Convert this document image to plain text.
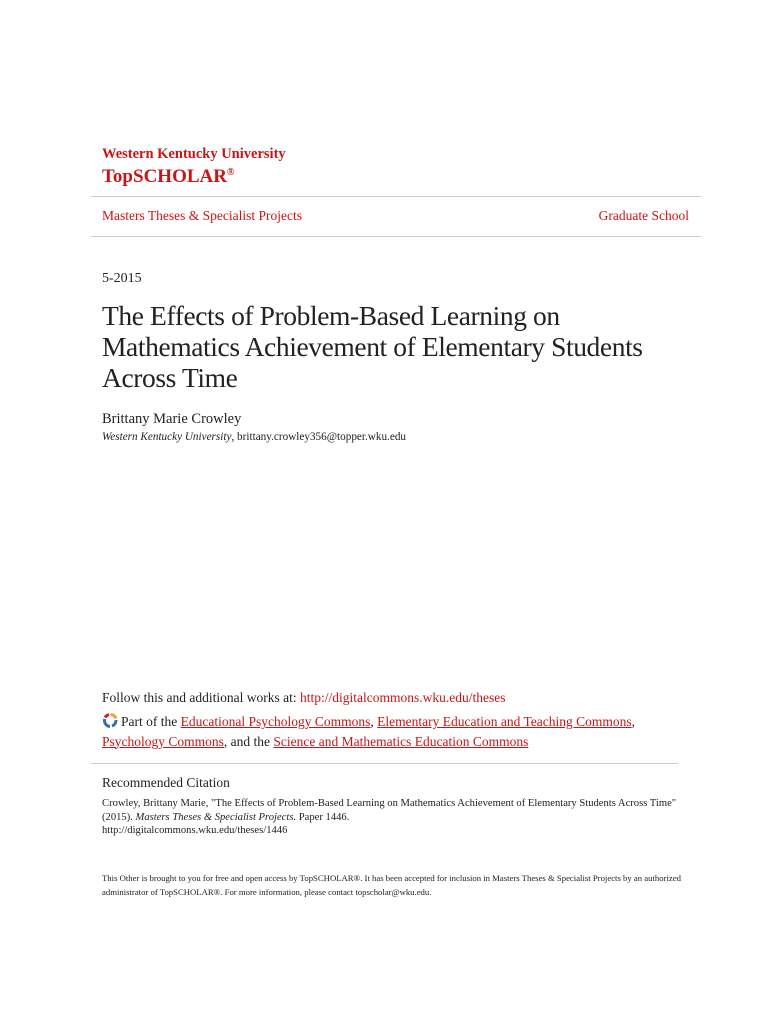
Western Kentucky University
TopSCHOLAR®
Masters Theses & Specialist Projects	Graduate School
5-2015
The Effects of Problem-Based Learning on Mathematics Achievement of Elementary Students Across Time
Brittany Marie Crowley
Western Kentucky University, brittany.crowley356@topper.wku.edu
Follow this and additional works at: http://digitalcommons.wku.edu/theses
Part of the Educational Psychology Commons, Elementary Education and Teaching Commons,
Psychology Commons, and the Science and Mathematics Education Commons
Recommended Citation
Crowley, Brittany Marie, "The Effects of Problem-Based Learning on Mathematics Achievement of Elementary Students Across Time"
(2015). Masters Theses & Specialist Projects. Paper 1446.
http://digitalcommons.wku.edu/theses/1446
This Other is brought to you for free and open access by TopSCHOLAR®. It has been accepted for inclusion in Masters Theses & Specialist Projects by an authorized administrator of TopSCHOLAR®. For more information, please contact topscholar@wku.edu.
